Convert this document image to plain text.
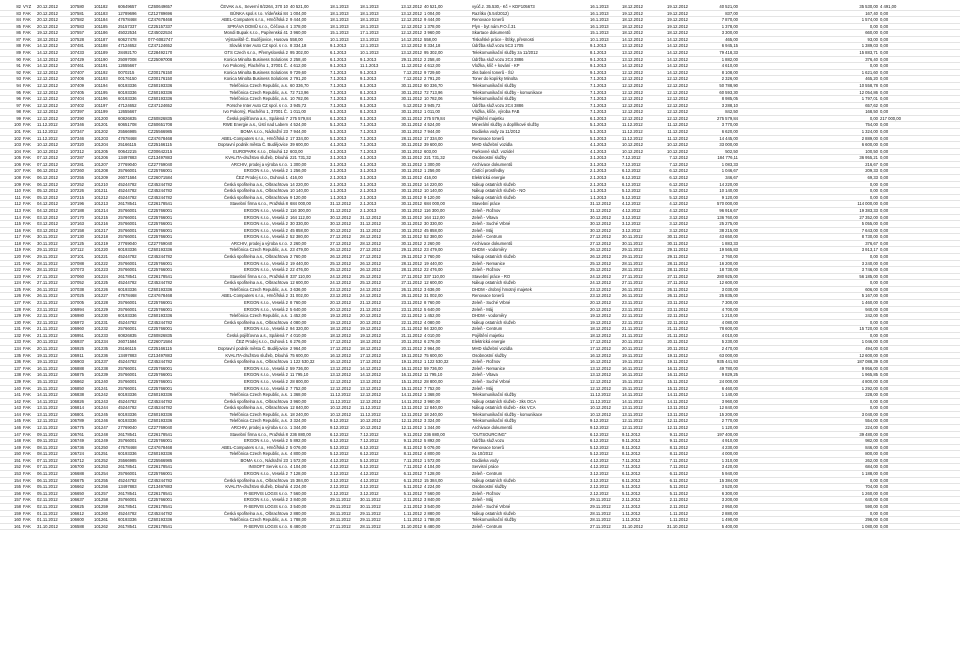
82	VYZ	20.12.2012	107580	101182	60649657	CZ60649657	ČEVAK a.s., Severní 8/2264, 370 10	40 521,00	18.1.2013	18.1.2013	13.12.2012	40 521,00	vyúč.z. 35.530,- Kč + KDF105673	16.1.2013	18.12.2012	19.12.2012	40 521,00	35 530,00	4 491,00
83	FAK	20.12.2012	107581	101183	12789696	CZ12789696	BÚNKA spol.s r.o. Vídeňská 84	1 004,00	18.1.2013	18.1.2013	13.12.2012	1 004,00	Razítko (5.54/2012)	16.1.2013	19.12.2012	19.12.2012	837,00	167,40	0,00
84	FAK	20.12.2012	107582	101184	47678468	CZ47678468	ABEL-Computers s.r.o., Hrnčířská 2	9 444,00	18.1.2013	18.1.2013	12.12.2012	9 444,00	Renovace tonerů	16.1.2013	18.12.2012	19.12.2012	7 870,00	1 574,00	0,00
85	FAK	20.12.2012	107583	101185	25157337	CZ25157337	SPRÁVA DOMŮ s.r.o., Čéčova 4	1 378,00	18.1.2013	18.1.2013	12.12.2012	1 378,00	Plyn - byt nám.P.O.č.31	16.1.2013	18.12.2012	19.12.2012	1 378,00	0,00	0,00
86	FAK	19.12.2012	107557	101186	45022534	CZ45022534	Mondi Bupak s.r.o., Papírenská 41	3 960,00	15.1.2013	17.1.2013	12.12.2012	3 960,00	Skartace dokumentů	15.1.2013	18.12.2012	18.12.2012	3 300,00	660,00	0,00
87	FAK	18.12.2012	107528	101187	60627478	077-6082747	Výstaviště Č. Budějovice, Husova	558,00	10.1.2013	13.1.2013	14.12.2012	558,00	Tiskařské práce - štítky, přesnosti	10.1.2013	14.12.2012	14.12.2012	465,00	93,00	0,00
88	FAK	14.12.2012	107481	101188	47124652	CZ47124652	Slovák Inter Auto CZ spol. s r.o.	8 334,18	9.1.2013	12.1.2013	13.12.2012	8 334,18	Údržba služ.vozu 5C3 1705	9.1.2013	13.12.2012	14.12.2012	6 945,15	1 389,03	0,00
89	FAK	14.12.2012	107433	101189	28492170	CZ28492170	GTS Czech s.r.o., Přemyslovská 2	95 302,00	6.1.2013	10.1.2013	13.12.2012	95 302,00	Telekomunikační služby za 11/2012	8.1.2013	13.12.2012	14.12.2012	79 418,33	15 883,71	0,00
90	FAK	14.12.2012	107429	101190	25097008	CZ25097008	Konica Minolta Business Solutions	2 258,40	6.1.2013	9.1.2013	29.11.2012	2 258,40	Údržba služ.vozu 2C4 3886	9.1.2013	13.12.2012	14.12.2012	1 882,00	376,40	0,00
91	FAK	14.12.2012	107461	101191	12655667		Ivo Pokorný, Plachého 1, 37001 Č.	4 612,00	9.1.2013	11.1.2013	11.12.2012	4 612,00	Vložka, klíč + kování - KP	9.1.2013	14.12.2012	14.12.2012	4 610,00	0,00	0,00
92	FAK	12.12.2012	107407	101192	0070215	CZ00176150	Konica Minolta Business Solutions	9 729,60	7.1.2013	9.1.2013	7.12.2012	9 729,60	2ks balení tonerů - ŠÚ	9.1.2013	12.12.2012	14.12.2012	8 108,00	1 621,60	0,00
93	FAK	12.12.2012	107406	101193	00176150	CZ00176150	Konica Minolta Business Solutions	2 791,20	7.1.2013	9.1.2013	7.12.2012	2 791,20	Toner do kopírky Minolta	7.1.2013	12.12.2012	12.12.2012	2 326,00	465,20	0,00
94	FAK	12.12.2012	107409	101194	60193336	CZ60193336	Telefónica Czech Republic, a.s.	60 336,70	7.1.2013	8.1.2013	30.11.2012	60 336,70	Telekomunikační služby	7.1.2013	12.12.2012	12.12.2012	50 788,90	10 558,78	0,00
95	FAK	12.12.2012	107405	101195	60193336	CZ60193336	Telefónica Czech Republic, a.s.	72 713,96	7.1.2013	8.1.2013	30.11.2012	72 713,96	Telekomunikační služby - komunikace	7.1.2013	12.12.2012	12.12.2012	60 593,30	12 054,86	0,00
96	FAK	12.12.2012	107404	101196	60193336	CZ60193336	Telefónica Czech Republic, a.s.	10 782,06	7.1.2013	8.1.2013	30.11.2012	10 782,06	Telekomunikační služby	7.1.2013	12.12.2012	12.12.2012	8 985,05	1 797,01	0,00
97	FAK	12.12.2012	107402	101197	47124652	CZ47124652	Porsche Inter Auto CZ spol. s r.o.	3 945,72	7.1.2013	9.1.2013	5.12.2012	3 945,72	Údržba služ.vozu 2C4 3886	7.1.2013	12.12.2012	12.12.2012	3 288,10	657,62	0,00
98	FAK	12.12.2012	107397	101199	12655667		Ivo Pokorný, Plachého 1, 37001 Č.	1 011,00	6.1.2013	8.1.2013	30.11.2012	1 011,00	Vložka, klíče, výroba FAB	7.1.2013	12.12.2012	12.12.2012	842,50	168,50	0,00
99	FAK	12.12.2012	107390	101200	60826835	CZ60826835	Česká pojišťovna a.s., Spálená 7	275 579,84	6.1.2013	8.1.2013	30.11.2012	275 579,84	Pojištění majetku	6.1.2013	12.12.2012	12.12.2012	275 579,84	0,00	217 000,00
100	FAK	11.12.2012	107346	101201	60651708	CZ60651708	RWE Energie a.s., Ústí nad Labem	4 524,00	5.1.2013	7.1.2013	30.11.2012	4 524,00	Minerální služby a doplňkové služby	5.1.2013	11.12.2012	11.12.2012	3 770,00	754,00	0,00
101	FAK	11.12.2012	107347	101202	25566985	CZ25566985	BOMA s.r.o., Nádražní 23	7 944,00	5.1.2013	7.1.2013	30.11.2012	7 944,00	Dodávka vody za 11/2012	5.1.2013	11.12.2012	11.12.2012	6 620,00	1 324,00	0,00
102	FAK	11.12.2012	107346	101203	47678468	CZ47678468	ABEL-Computers s.r.o., Hrnčířská 2	17 334,00	5.1.2013	7.1.2013	28.11.2012	17 334,00	Renovace tonerů	5.1.2013	11.12.2012	11.12.2012	14 445,00	2 889,00	0,00
103	FAK	10.12.2012	107320	101204	25166115	CZ25166115	Dopravní podnik města Č. Budějovice	39 600,00	4.1.2013	7.1.2013	30.11.2012	39 600,00	MHD služební vozidla	4.1.2013	10.12.2012	10.12.2012	33 000,00	6 600,00	0,00
104	FAK	10.12.2012	107312	101205	00642215	CZ00642215	EUROPARK s.r.o., Dlouhá 12	603,00	4.1.2013	7.1.2013	30.11.2012	603,00	Parkovné služ. vozidel	4.1.2013	10.12.2012	10.12.2012	502,50	100,50	0,00
105	FAK	07.12.2012	107287	101206	13497883	CZ13497883	KVALITA-družstvo služeb, Dlouhá	221 731,32	3.1.2013	4.1.2013	30.11.2012	221 731,32	Osobnostní služby	3.1.2013	7.12.2012	7.12.2012	184 776,11	36 955,21	0,00
106	FAK	07.12.2012	107281	101207	27769040	CZ27769040	ARCHIV, prodej a výroba s.r.o.	1 300,00	3.1.2013	4.1.2013	30.11.2012	1 300,00	Archivace dokumentů	3.1.2013	7.12.2012	7.12.2012	1 083,33	216,67	0,00
107	FAK	06.12.2012	107260	101208	25766001	CZ25766001	ERGON s.r.o., Veselá 2	1 256,00	2.1.2013	3.1.2013	30.11.2012	1 256,00	Čistící prostředky	2.1.2013	6.12.2012	6.12.2012	1 046,67	209,33	0,00
108	FAK	06.12.2012	107255	101209	26071584	CZ26071584	ČEZ Prodej s.r.o., Duhová 1	416,00	2.1.2013	3.1.2013	30.11.2012	416,00	Elektrická energie	2.1.2013	6.12.2012	6.12.2012	346,67	69,33	0,00
109	FAK	06.12.2012	107252	101210	45244782	CZ45244782	Česká spořitelna a.s., Olbrachtova	14 220,00	2.1.2013	3.1.2013	30.11.2012	14 220,00	Nákup ostatních služeb	2.1.2013	6.12.2012	6.12.2012	14 220,00	0,00	0,00
110	FAK	05.12.2012	107226	101211	45244782	CZ45244782	Česká spořitelna a.s., Olbrachtova	10 140,00	1.1.2013	2.1.2013	30.11.2012	10 140,00	Nákup ostatních služeb - NO	1.1.2013	5.12.2012	5.12.2012	10 140,00	0,00	0,00
111	FAK	05.12.2012	107215	101212	45244782	CZ45244782	Česká spořitelna a.s., Olbrachtova	9 120,00	1.1.2013	2.1.2013	30.11.2012	9 120,00	Nákup ostatních služeb	1.1.2013	5.12.2012	5.12.2012	9 120,00	0,00	0,00
112	FAK	04.12.2012	107196	101213	26178541	CZ26178541	Stavební firma s.r.o., Pražská 8	684 000,00	31.12.2012	2.1.2013	30.11.2012	684 000,00	Stavební práce	31.12.2012	4.12.2012	4.12.2012	570 000,00	114 000,00	0,00
113	FAK	04.12.2012	107188	101214	25766001	CZ25766001	ERGON s.r.o., Veselá 2	116 300,00	31.12.2012	2.1.2013	30.11.2012	116 300,00	Zeleň - Rožnov	31.12.2012	4.12.2012	4.12.2012	96 916,67	19 383,33	0,00
114	FAK	03.12.2012	107170	101215	25766001	CZ25766001	ERGON s.r.o., Veselá 2	164 112,00	30.12.2012	31.12.2012	30.11.2012	164 112,00	Zeleň - Vltava	30.12.2012	3.12.2012	3.12.2012	136 760,00	27 352,00	0,00
115	FAK	03.12.2012	107163	101216	25766001	CZ25766001	ERGON s.r.o., Veselá 2	30 330,00	30.12.2012	31.12.2012	30.11.2012	30 330,00	Zeleň - Suché Vrbné	30.12.2012	3.12.2012	3.12.2012	25 275,00	5 055,00	0,00
116	FAK	03.12.2012	107158	101217	25766001	CZ25766001	ERGON s.r.o., Veselá 2	45 858,00	30.12.2012	31.12.2012	30.11.2012	45 858,00	Zeleň - Máj	30.12.2012	3.12.2012	3.12.2012	38 215,00	7 643,00	0,00
117	FAK	30.11.2012	107130	101218	25766001	CZ25766001	ERGON s.r.o., Veselá 2	52 380,00	27.12.2012	28.12.2012	30.11.2012	52 380,00	Zeleň - Centrum	27.12.2012	30.11.2012	30.11.2012	43 650,00	8 730,00	0,00
118	FAK	30.11.2012	107125	101219	27769040	CZ27769040	ARCHIV, prodej a výroba s.r.o.	2 260,00	27.12.2012	28.12.2012	30.11.2012	2 260,00	Archivace dokumentů	27.12.2012	30.11.2012	30.11.2012	1 883,33	376,67	0,00
119	FAK	29.11.2012	107112	101220	60193336	CZ60193336	Telefónica Czech Republic, a.s.	23 479,00	26.12.2012	27.12.2012	29.11.2012	23 479,00	DHDM - vodoměry	26.12.2012	29.11.2012	29.11.2012	19 565,83	3 913,17	0,00
120	FAK	29.11.2012	107101	101221	45244782	CZ45244782	Česká spořitelna a.s., Olbrachtova	2 760,00	26.12.2012	27.12.2012	29.11.2012	2 760,00	Nákup ostatních služeb	26.12.2012	29.11.2012	29.11.2012	2 760,00	0,00	0,00
121	FAK	28.11.2012	107088	101222	25766001	CZ25766001	ERGON s.r.o., Veselá 2	19 440,00	25.12.2012	26.12.2012	28.11.2012	19 440,00	Zeleň - Nemanice	25.12.2012	28.11.2012	28.11.2012	16 200,00	3 240,00	0,00
122	FAK	28.11.2012	107073	101223	25766001	CZ25766001	ERGON s.r.o., Veselá 2	22 476,00	25.12.2012	26.12.2012	28.11.2012	22 476,00	Zeleň - Rožnov	25.12.2012	28.11.2012	28.11.2012	18 730,00	3 746,00	0,00
123	FAK	27.11.2012	107060	101224	26178541	CZ26178541	Stavební firma s.r.o., Pražská 8	337 110,00	24.12.2012	25.12.2012	27.11.2012	337 110,00	Stavební práce - RO	24.12.2012	27.11.2012	27.11.2012	280 925,00	56 185,00	0,00
124	FAK	27.11.2012	107052	101225	45244782	CZ45244782	Česká spořitelna a.s., Olbrachtova	12 600,00	24.12.2012	25.12.2012	27.11.2012	12 600,00	Nákup ostatních služeb	24.12.2012	27.11.2012	27.11.2012	12 600,00	0,00	0,00
125	FAK	26.11.2012	107038	101226	60193336	CZ60193336	Telefónica Czech Republic, a.s.	3 636,00	23.12.2012	24.12.2012	26.11.2012	3 636,00	DHDM - drobný hmotný majetek	23.12.2012	26.11.2012	26.11.2012	3 030,00	606,00	0,00
126	FAK	26.11.2012	107025	101227	47678468	CZ47678468	ABEL-Computers s.r.o., Hrnčířská 2	31 002,00	23.12.2012	24.12.2012	26.11.2012	31 002,00	Renovace tonerů	23.12.2012	26.11.2012	26.11.2012	25 835,00	5 167,00	0,00
127	FAK	23.11.2012	107005	101228	25766001	CZ25766001	ERGON s.r.o., Veselá 2	8 760,00	20.12.2012	21.12.2012	23.11.2012	8 760,00	Zeleň - Suché Vrbné	20.12.2012	23.11.2012	23.11.2012	7 300,00	1 460,00	0,00
128	FAK	23.11.2012	106994	101229	25766001	CZ25766001	ERGON s.r.o., Veselá 2	5 640,00	20.12.2012	21.12.2012	23.11.2012	5 640,00	Zeleň - Máj	20.12.2012	23.11.2012	23.11.2012	4 700,00	940,00	0,00
129	FAK	22.11.2012	106980	101230	60193336	CZ60193336	Telefónica Czech Republic, a.s.	1 452,00	19.12.2012	20.12.2012	22.11.2012	1 452,00	DHDM - vodoměry	19.12.2012	22.11.2012	22.11.2012	1 210,00	242,00	0,00
130	FAK	22.11.2012	106972	101231	45244782	CZ45244782	Česká spořitelna a.s., Olbrachtova	4 080,00	19.12.2012	20.12.2012	22.11.2012	4 080,00	Nákup ostatních služeb	19.12.2012	22.11.2012	22.11.2012	4 080,00	0,00	0,00
131	FAK	21.11.2012	106960	101232	25766001	CZ25766001	ERGON s.r.o., Veselá 2	94 320,00	18.12.2012	19.12.2012	21.11.2012	94 320,00	Zeleň - Centrum	18.12.2012	21.11.2012	21.11.2012	78 600,00	15 720,00	0,00
132	FAK	21.11.2012	106951	101233	60826835	CZ60826835	Česká pojišťovna a.s., Spálená 7	4 010,00	18.12.2012	19.12.2012	21.11.2012	4 010,00	Pojištění majetku	18.12.2012	21.11.2012	21.11.2012	4 010,00	0,00	0,00
133	FAK	20.11.2012	106937	101234	26071584	CZ26071584	ČEZ Prodej s.r.o., Duhová 1	6 276,00	17.12.2012	18.12.2012	20.11.2012	6 276,00	Elektrická energie	17.12.2012	20.11.2012	20.11.2012	5 230,00	1 046,00	0,00
134	FAK	20.11.2012	106925	101235	25166115	CZ25166115	Dopravní podnik města Č. Budějovice	2 964,00	17.12.2012	18.12.2012	20.11.2012	2 964,00	MHD služební vozidla	17.12.2012	20.11.2012	20.11.2012	2 470,00	494,00	0,00
135	FAK	19.11.2012	106911	101236	13497883	CZ13497883	KVALITA-družstvo služeb, Dlouhá	75 600,00	16.12.2012	17.12.2012	19.11.2012	75 600,00	Osobnostní služby	16.12.2012	19.11.2012	19.11.2012	63 000,00	12 600,00	0,00
136	FAK	19.11.2012	106903	101237	45244782	CZ45244782	Česká spořitelna a.s., Olbrachtova	1 122 530,32	16.12.2012	17.12.2012	19.11.2012	1 122 530,32	Zeleň - Rožnov	16.12.2012	19.11.2012	19.11.2012	935 441,93	187 088,39	0,00
137	FAK	16.11.2012	106888	101238	25766001	CZ25766001	ERGON s.r.o., Veselá 2	59 736,00	13.12.2012	14.12.2012	16.11.2012	59 736,00	Zeleň - Nemanice	13.12.2012	16.11.2012	16.11.2012	49 780,00	9 956,00	0,00
138	FAK	16.11.2012	106875	101239	25766001	CZ25766001	ERGON s.r.o., Veselá 2	11 795,10	13.12.2012	14.12.2012	16.11.2012	11 795,10	Zeleň - Vltava	13.12.2012	16.11.2012	16.11.2012	9 829,25	1 965,85	0,00
139	FAK	15.11.2012	106862	101240	25766001	CZ25766001	ERGON s.r.o., Veselá 2	28 800,00	12.12.2012	13.12.2012	15.11.2012	28 800,00	Zeleň - Suché Vrbné	12.12.2012	15.11.2012	15.11.2012	24 000,00	4 800,00	0,00
140	FAK	15.11.2012	106850	101241	25766001	CZ25766001	ERGON s.r.o., Veselá 2	7 752,00	12.12.2012	13.12.2012	15.11.2012	7 752,00	Zeleň - Máj	12.12.2012	15.11.2012	15.11.2012	6 460,00	1 292,00	0,00
141	FAK	14.11.2012	106838	101242	60193336	CZ60193336	Telefónica Czech Republic, a.s.	1 368,00	11.12.2012	12.12.2012	14.11.2012	1 368,00	Telekomunikační služby	11.12.2012	14.11.2012	14.11.2012	1 140,00	228,00	0,00
142	FAK	14.11.2012	106826	101243	45244782	CZ45244782	Česká spořitelna a.s., Olbrachtova	3 960,00	11.12.2012	12.12.2012	14.11.2012	3 960,00	Nákup ostatních služeb - 3ks OCA	11.12.2012	14.11.2012	14.11.2012	3 960,00	0,00	0,00
143	FAK	13.11.2012	106814	101244	45244782	CZ45244782	Česká spořitelna a.s., Olbrachtova	12 840,00	10.12.2012	11.12.2012	13.11.2012	12 840,00	Nákup ostatních služeb - 4ks VCA	10.12.2012	13.11.2012	13.11.2012	12 840,00	0,00	0,00
144	FAK	13.11.2012	106801	101245	60193336	CZ60193336	Telefónica Czech Republic, a.s.	18 240,00	10.12.2012	11.12.2012	13.11.2012	18 240,00	Telekomunikační služby - komunikace	10.12.2012	13.11.2012	13.11.2012	15 200,00	3 040,00	0,00
145	FAK	12.11.2012	106789	101246	60193336	CZ60193336	Telefónica Czech Republic, a.s.	3 324,00	9.12.2012	10.12.2012	12.11.2012	3 324,00	Telekomunikační služby	9.12.2012	12.11.2012	12.11.2012	2 770,00	554,00	0,00
146	FAK	12.11.2012	106775	101247	27769040	CZ27769040	ARCHIV, prodej a výroba s.r.o.	1 344,00	9.12.2012	10.12.2012	12.11.2012	1 344,00	Archivace dokumentů	9.12.2012	12.11.2012	12.11.2012	1 120,00	224,00	0,00
147	FAK	09.11.2012	106761	101248	26178541	CZ26178541	Stavební firma s.r.o., Pražská 8	236 880,00	6.12.2012	7.12.2012	9.11.2012	236 880,00	"OUTSOURCING"	6.12.2012	9.11.2012	9.11.2012	197 400,00	39 480,00	0,00
148	FAK	09.11.2012	106749	101249	25766001	CZ25766001	ERGON s.r.o., Veselá 2	5 892,00	6.12.2012	7.12.2012	9.11.2012	5 892,00	Údržba služ.vozu	6.12.2012	9.11.2012	9.11.2012	4 910,00	982,00	0,00
149	FAK	08.11.2012	106736	101250	47678468	CZ47678468	ABEL-Computers s.r.o., Hrnčířská 2	5 076,00	5.12.2012	6.12.2012	8.11.2012	5 076,00	Renovace tonerů	5.12.2012	8.11.2012	8.11.2012	4 230,00	846,00	0,00
150	FAK	08.11.2012	106724	101251	60193336	CZ60193336	Telefónica Czech Republic, a.s.	4 800,00	5.12.2012	6.12.2012	8.11.2012	4 800,00	za 10/2012	5.12.2012	8.11.2012	8.11.2012	4 000,00	800,00	0,00
151	FAK	07.11.2012	106712	101252	25566985	CZ25566985	BOMA s.r.o., Nádražní 23	1 572,00	4.12.2012	5.12.2012	7.11.2012	1 572,00	Dodávka vody	4.12.2012	7.11.2012	7.11.2012	1 310,00	262,00	0,00
152	FAK	07.11.2012	106700	101253	26178541	CZ26178541	INISOFT Servis s.r.o.	4 104,00	4.12.2012	5.12.2012	7.11.2012	4 104,00	Servisní práce	4.12.2012	7.11.2012	7.11.2012	3 420,00	684,00	0,00
153	FAK	06.11.2012	106688	101254	25766001	CZ25766001	ERGON s.r.o., Veselá 2	7 128,00	3.12.2012	4.12.2012	6.11.2012	7 128,00	Zeleň - Centrum	3.12.2012	6.11.2012	6.11.2012	5 940,00	1 188,00	0,00
154	FAK	06.11.2012	106675	101255	45244782	CZ45244782	Česká spořitelna a.s., Olbrachtova	15 384,00	3.12.2012	4.12.2012	6.11.2012	15 384,00	Nákup ostatních služeb	3.12.2012	6.11.2012	6.11.2012	15 384,00	0,00	0,00
155	FAK	05.11.2012	106662	101256	13497883	CZ13497883	KVALITA-družstvo služeb, Dlouhá	4 224,00	2.12.2012	3.12.2012	5.11.2012	4 224,00	Osobnostní služby	2.12.2012	5.11.2012	5.11.2012	3 520,00	704,00	0,00
156	FAK	05.11.2012	106650	101257	26178541	CZ26178541	R-SERVIS LOGIS s.r.o.	7 560,00	2.12.2012	3.12.2012	5.11.2012	7 560,00	Zeleň - Rožnov	2.12.2012	5.11.2012	5.11.2012	6 300,00	1 260,00	0,00
157	FAK	02.11.2012	106637	101258	25766001	CZ25766001	ERGON s.r.o., Veselá 2	3 840,00	29.11.2012	30.11.2012	2.11.2012	3 840,00	Zeleň - Máj	29.11.2012	2.11.2012	2.11.2012	3 200,00	640,00	0,00
158	FAK	02.11.2012	106625	101259	26178541	CZ26178541	R-SERVIS LOGIS s.r.o.	3 540,00	29.11.2012	30.11.2012	2.11.2012	3 540,00	Zeleň - Suché Vrbné	29.11.2012	2.11.2012	2.11.2012	2 950,00	590,00	0,00
159	FAK	01.11.2012	106612	101260	45244782	CZ45244782	Česká spořitelna a.s., Olbrachtova	2 880,00	28.11.2012	29.11.2012	1.11.2012	2 880,00	Nákup ostatních služeb	28.11.2012	1.11.2012	1.11.2012	2 880,00	0,00	0,00
160	FAK	01.11.2012	106600	101261	60193336	CZ60193336	Telefónica Czech Republic, a.s.	1 788,00	28.11.2012	29.11.2012	1.11.2012	1 788,00	Telekomunikační služby	28.11.2012	1.11.2012	1.11.2012	1 490,00	298,00	0,00
161	FAK	31.10.2012	106588	101262	26178541	CZ26178541	R-SERVIS LOGIS s.r.o.	6 480,00	27.11.2012	28.11.2012	31.10.2012	6 480,00	Zeleň - Centrum	27.11.2012	31.10.2012	31.10.2012	5 400,00	1 080,00	0,00
